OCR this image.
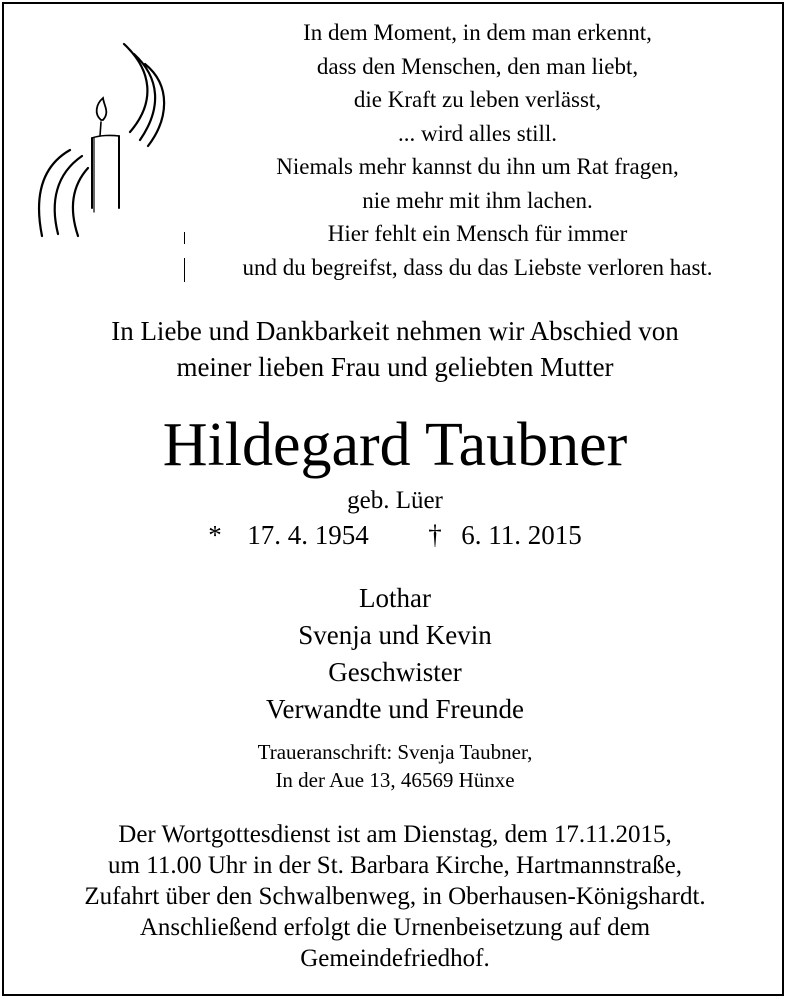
In dem Moment, in dem man erkennt,
dass den Menschen, den man liebt,
die Kraft zu leben verlässt,
... wird alles still.
Niemals mehr kannst du ihn um Rat fragen,
nie mehr mit ihm lachen.
Hier fehlt ein Mensch für immer
und du begreifst, dass du das Liebste verloren hast.
In Liebe und Dankbarkeit nehmen wir Abschied von
meiner lieben Frau und geliebten Mutter
Hildegard Taubner
geb. Lüer
* 17. 4. 1954 † 6. 11. 2015
Lothar
Svenja und Kevin
Geschwister
Verwandte und Freunde
Traueranschrift: Svenja Taubner,
In der Aue 13, 46569 Hünxe
Der Wortgottesdienst ist am Dienstag, dem 17.11.2015,
um 11.00 Uhr in der St. Barbara Kirche, Hartmannstraße,
Zufahrt über den Schwalbenweg, in Oberhausen-Königshardt.
Anschließend erfolgt die Urnenbeisetzung auf dem
Gemeindefriedhof.
